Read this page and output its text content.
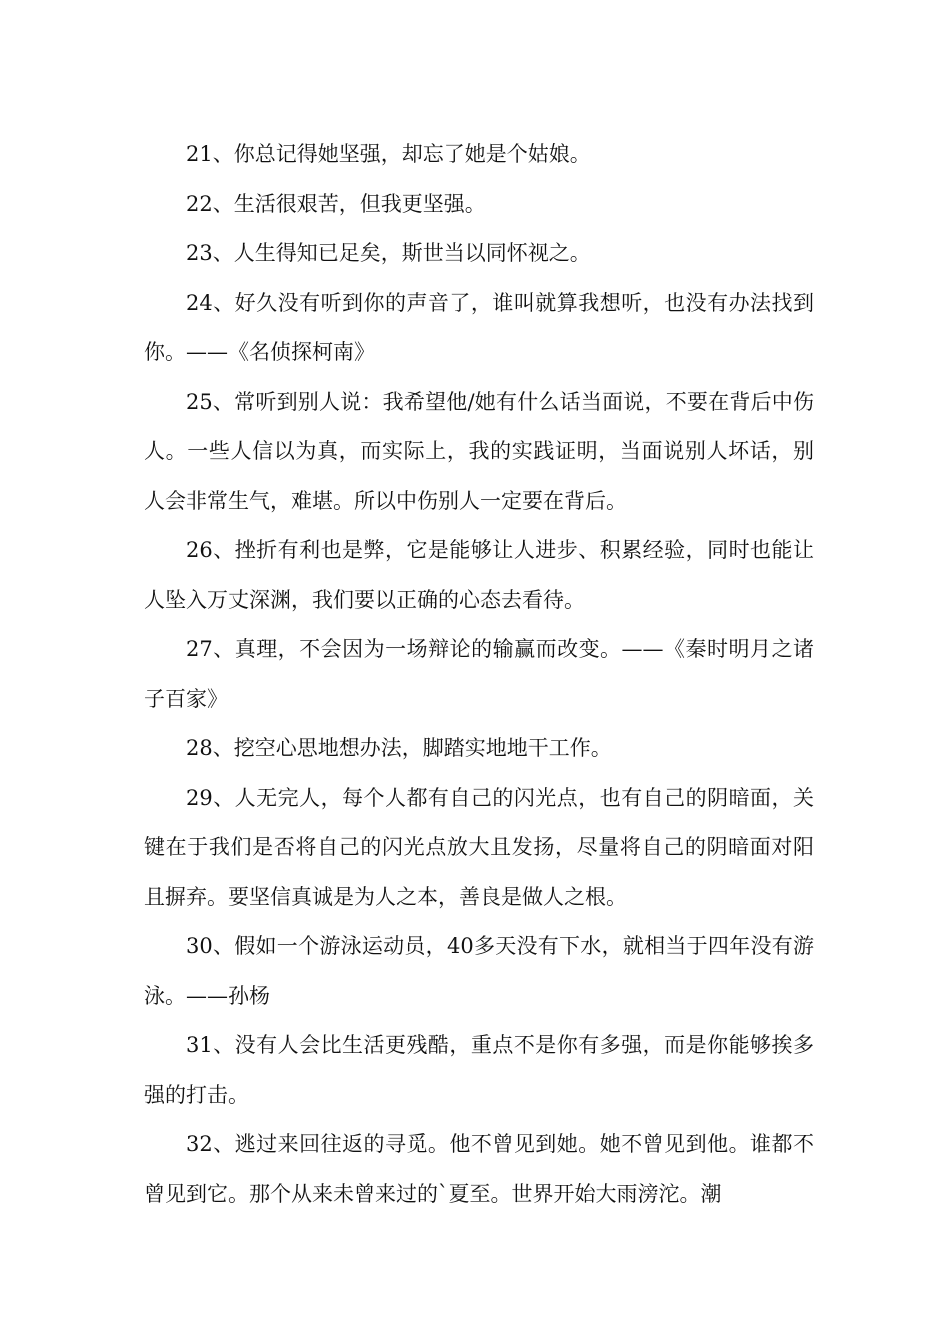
21、你总记得她坚强，却忘了她是个姑娘。

22、生活很艰苦，但我更坚强。

23、人生得知已足矣，斯世当以同怀视之。

24、好久没有听到你的声音了，谁叫就算我想听，也没有办法找到你。——《名侦探柯南》

25、常听到别人说：我希望他/她有什么话当面说，不要在背后中伤人。一些人信以为真，而实际上，我的实践证明，当面说别人坏话，别人会非常生气，难堪。所以中伤别人一定要在背后。

26、挫折有利也是弊，它是能够让人进步、积累经验，同时也能让人坠入万丈深渊，我们要以正确的心态去看待。

27、真理，不会因为一场辩论的输赢而改变。——《秦时明月之诸子百家》

28、挖空心思地想办法，脚踏实地地干工作。

29、人无完人，每个人都有自己的闪光点，也有自己的阴暗面，关键在于我们是否将自己的闪光点放大且发扬，尽量将自己的阴暗面对阳且摒弃。要坚信真诚是为人之本，善良是做人之根。

30、假如一个游泳运动员，40多天没有下水，就相当于四年没有游泳。——孙杨

31、没有人会比生活更残酷，重点不是你有多强，而是你能够挨多强的打击。

32、逃过来回往返的寻觅。他不曾见到她。她不曾见到他。谁都不曾见到它。那个从来未曾来过的`夏至。世界开始大雨滂沱。潮
